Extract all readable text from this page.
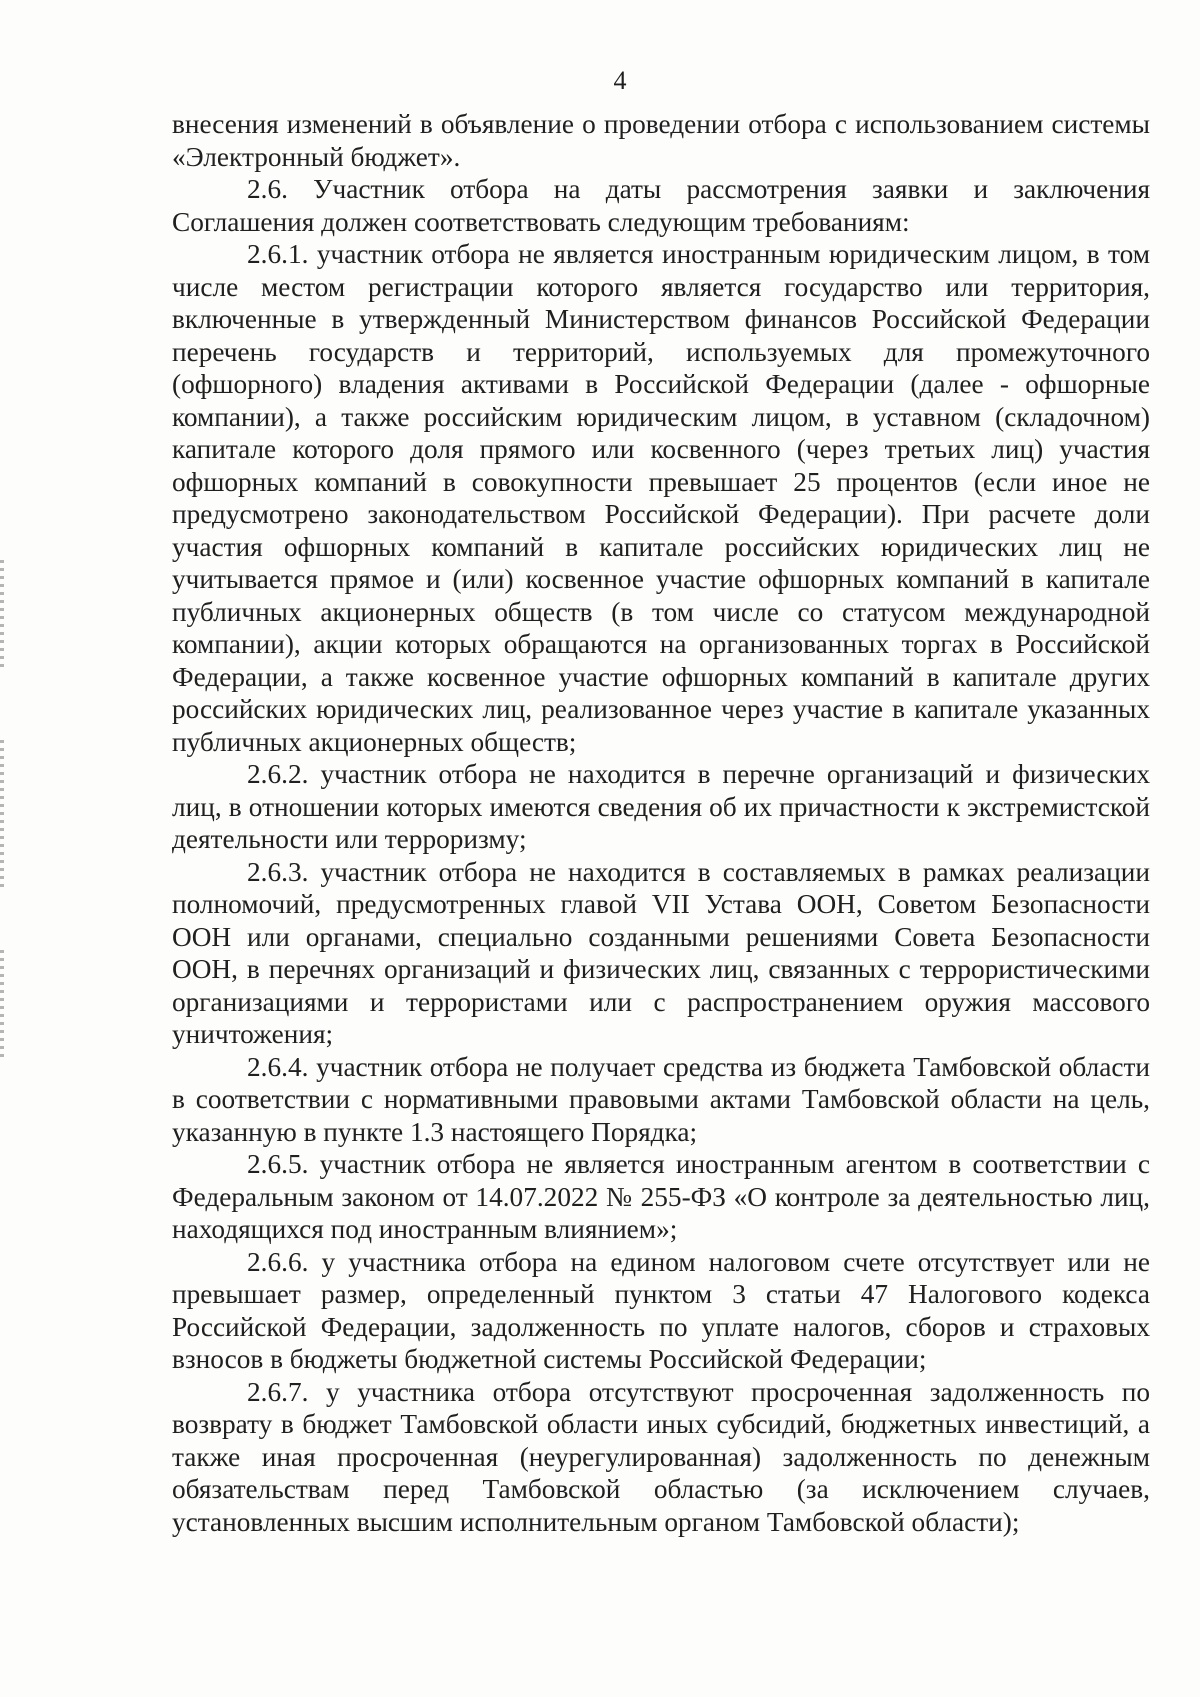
4

внесения изменений в объявление о проведении отбора с использованием системы «Электронный бюджет».

2.6. Участник отбора на даты рассмотрения заявки и заключения Соглашения должен соответствовать следующим требованиям:

2.6.1. участник отбора не является иностранным юридическим лицом, в том числе местом регистрации которого является государство или территория, включенные в утвержденный Министерством финансов Российской Федерации перечень государств и территорий, используемых для промежуточного (офшорного) владения активами в Российской Федерации (далее - офшорные компании), а также российским юридическим лицом, в уставном (складочном) капитале которого доля прямого или косвенного (через третьих лиц) участия офшорных компаний в совокупности превышает 25 процентов (если иное не предусмотрено законодательством Российской Федерации). При расчете доли участия офшорных компаний в капитале российских юридических лиц не учитывается прямое и (или) косвенное участие офшорных компаний в капитале публичных акционерных обществ (в том числе со статусом международной компании), акции которых обращаются на организованных торгах в Российской Федерации, а также косвенное участие офшорных компаний в капитале других российских юридических лиц, реализованное через участие в капитале указанных публичных акционерных обществ;

2.6.2. участник отбора не находится в перечне организаций и физических лиц, в отношении которых имеются сведения об их причастности к экстремистской деятельности или терроризму;

2.6.3. участник отбора не находится в составляемых в рамках реализации полномочий, предусмотренных главой VII Устава ООН, Советом Безопасности ООН или органами, специально созданными решениями Совета Безопасности ООН, в перечнях организаций и физических лиц, связанных с террористическими организациями и террористами или с распространением оружия массового уничтожения;

2.6.4. участник отбора не получает средства из бюджета Тамбовской области в соответствии с нормативными правовыми актами Тамбовской области на цель, указанную в пункте 1.3 настоящего Порядка;

2.6.5. участник отбора не является иностранным агентом в соответствии с Федеральным законом от 14.07.2022 № 255-ФЗ «О контроле за деятельностью лиц, находящихся под иностранным влиянием»;

2.6.6. у участника отбора на едином налоговом счете отсутствует или не превышает размер, определенный пунктом 3 статьи 47 Налогового кодекса Российской Федерации, задолженность по уплате налогов, сборов и страховых взносов в бюджеты бюджетной системы Российской Федерации;

2.6.7. у участника отбора отсутствуют просроченная задолженность по возврату в бюджет Тамбовской области иных субсидий, бюджетных инвестиций, а также иная просроченная (неурегулированная) задолженность по денежным обязательствам перед Тамбовской областью (за исключением случаев, установленных высшим исполнительным органом Тамбовской области);
